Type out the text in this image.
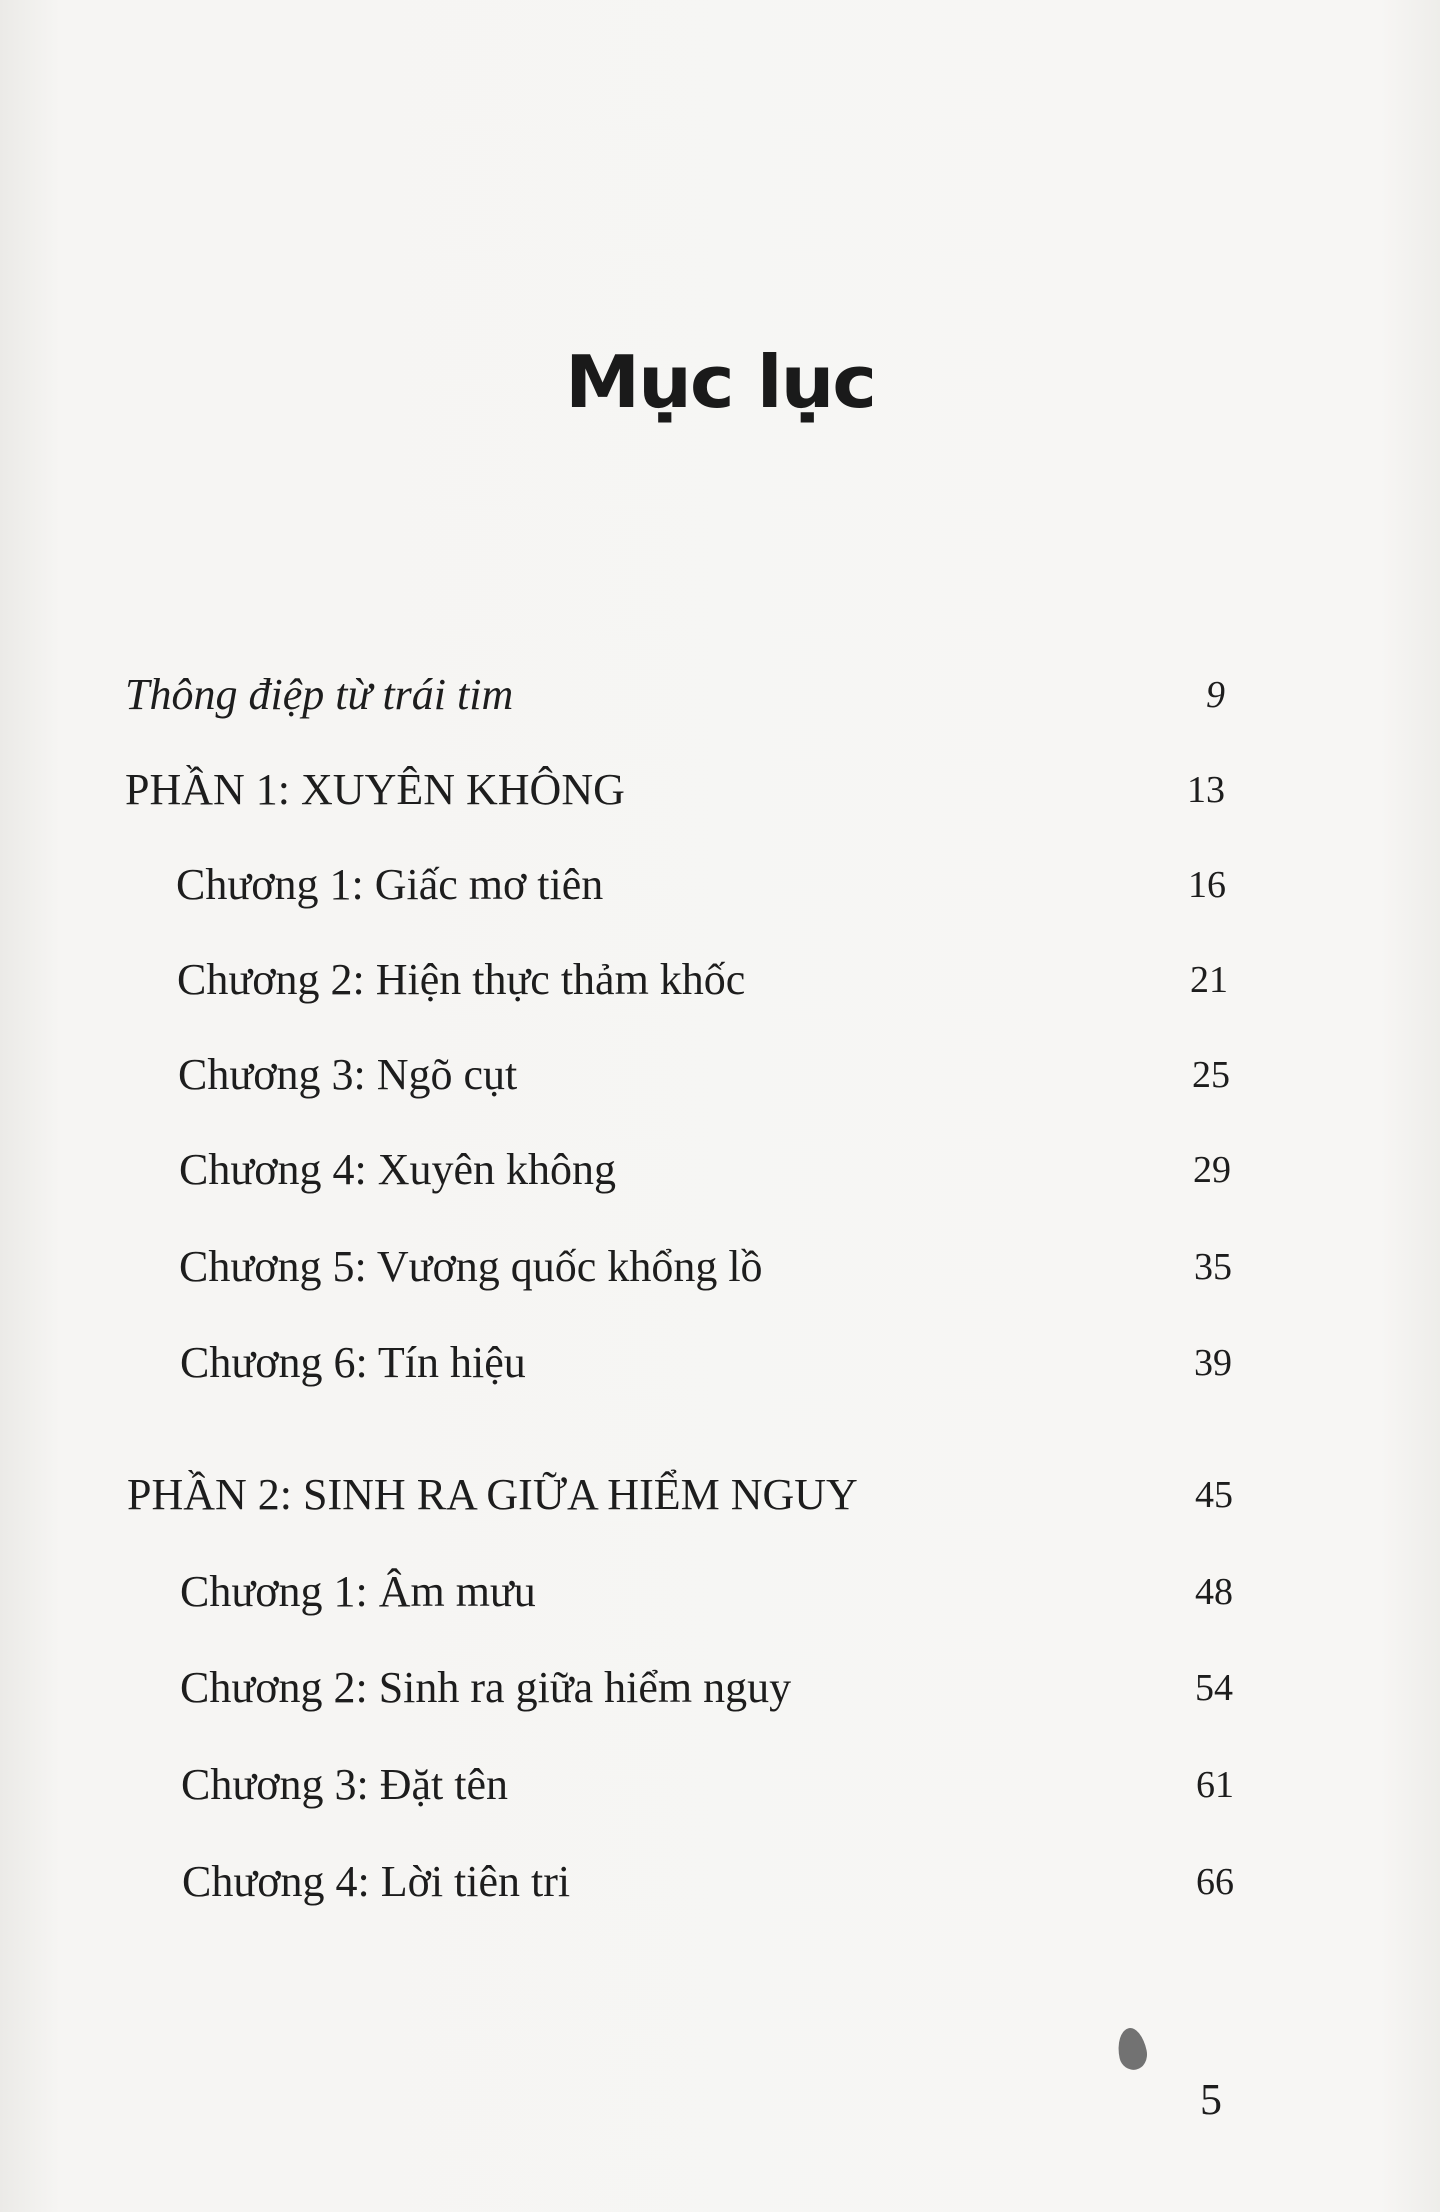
Mục lục
Thông điệp từ trái tim	9
PHẦN 1: XUYÊN KHÔNG	13
Chương 1: Giấc mơ tiên	16
Chương 2: Hiện thực thảm khốc	21
Chương 3: Ngõ cụt	25
Chương 4: Xuyên không	29
Chương 5: Vương quốc khổng lồ	35
Chương 6: Tín hiệu	39
PHẦN 2: SINH RA GIỮA HIỂM NGUY	45
Chương 1: Âm mưu	48
Chương 2: Sinh ra giữa hiểm nguy	54
Chương 3: Đặt tên	61
Chương 4: Lời tiên tri	66
5
